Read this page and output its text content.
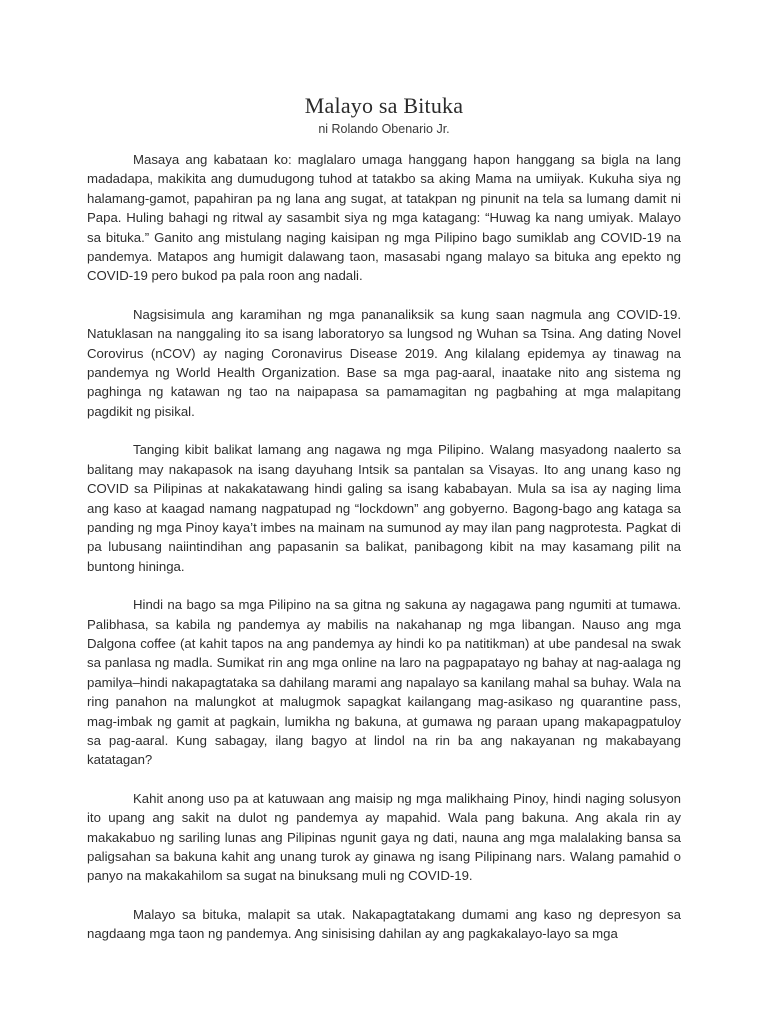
Malayo sa Bituka
ni Rolando Obenario Jr.

Masaya ang kabataan ko: maglalaro umaga hanggang hapon hanggang sa bigla na lang madadapa, makikita ang dumudugong tuhod at tatakbo sa aking Mama na umiiyak. Kukuha siya ng halamang-gamot, papahiran pa ng lana ang sugat, at tatakpan ng pinunit na tela sa lumang damit ni Papa. Huling bahagi ng ritwal ay sasambit siya ng mga katagang: “Huwag ka nang umiyak. Malayo sa bituka.” Ganito ang mistulang naging kaisipan ng mga Pilipino bago sumiklab ang COVID-19 na pandemya. Matapos ang humigit dalawang taon, masasabi ngang malayo sa bituka ang epekto ng COVID-19 pero bukod pa pala roon ang nadali.

Nagsisimula ang karamihan ng mga pananaliksik sa kung saan nagmula ang COVID-19. Natuklasan na nanggaling ito sa isang laboratoryo sa lungsod ng Wuhan sa Tsina. Ang dating Novel Corovirus (nCOV) ay naging Coronavirus Disease 2019. Ang kilalang epidemya ay tinawag na pandemya ng World Health Organization. Base sa mga pag-aaral, inaatake nito ang sistema ng paghinga ng katawan ng tao na naipapasa sa pamamagitan ng pagbahing at mga malapitang pagdikit ng pisikal.

Tanging kibit balikat lamang ang nagawa ng mga Pilipino. Walang masyadong naalerto sa balitang may nakapasok na isang dayuhang Intsik sa pantalan sa Visayas. Ito ang unang kaso ng COVID sa Pilipinas at nakakatawang hindi galing sa isang kababayan. Mula sa isa ay naging lima ang kaso at kaagad namang nagpatupad ng “lockdown” ang gobyerno. Bagong-bago ang kataga sa panding ng mga Pinoy kaya’t imbes na mainam na sumunod ay may ilan pang nagprotesta. Pagkat di pa lubusang naiintindihan ang papasanin sa balikat, panibagong kibit na may kasamang pilit na buntong hininga.

Hindi na bago sa mga Pilipino na sa gitna ng sakuna ay nagagawa pang ngumiti at tumawa. Palibhasa, sa kabila ng pandemya ay mabilis na nakahanap ng mga libangan. Nauso ang mga Dalgona coffee (at kahit tapos na ang pandemya ay hindi ko pa natitikman) at ube pandesal na swak sa panlasa ng madla. Sumikat rin ang mga online na laro na pagpapatayo ng bahay at nag-aalaga ng pamilya–hindi nakapagtataka sa dahilang marami ang napalayo sa kanilang mahal sa buhay. Wala na ring panahon na malungkot at malugmok sapagkat kailangang mag-asikaso ng quarantine pass, mag-imbak ng gamit at pagkain, lumikha ng bakuna, at gumawa ng paraan upang makapagpatuloy sa pag-aaral. Kung sabagay, ilang bagyo at lindol na rin ba ang nakayanan ng makabayang katatagan?

Kahit anong uso pa at katuwaan ang maisip ng mga malikhaing Pinoy, hindi naging solusyon ito upang ang sakit na dulot ng pandemya ay mapahid. Wala pang bakuna. Ang akala rin ay makakabuo ng sariling lunas ang Pilipinas ngunit gaya ng dati, nauna ang mga malalaking bansa sa paligsahan sa bakuna kahit ang unang turok ay ginawa ng isang Pilipinang nars. Walang pamahid o panyo na makakahilom sa sugat na binuksang muli ng COVID-19.

Malayo sa bituka, malapit sa utak. Nakapagtatakang dumami ang kaso ng depresyon sa nagdaang mga taon ng pandemya. Ang sinisising dahilan ay ang pagkakalayo-layo sa mga
